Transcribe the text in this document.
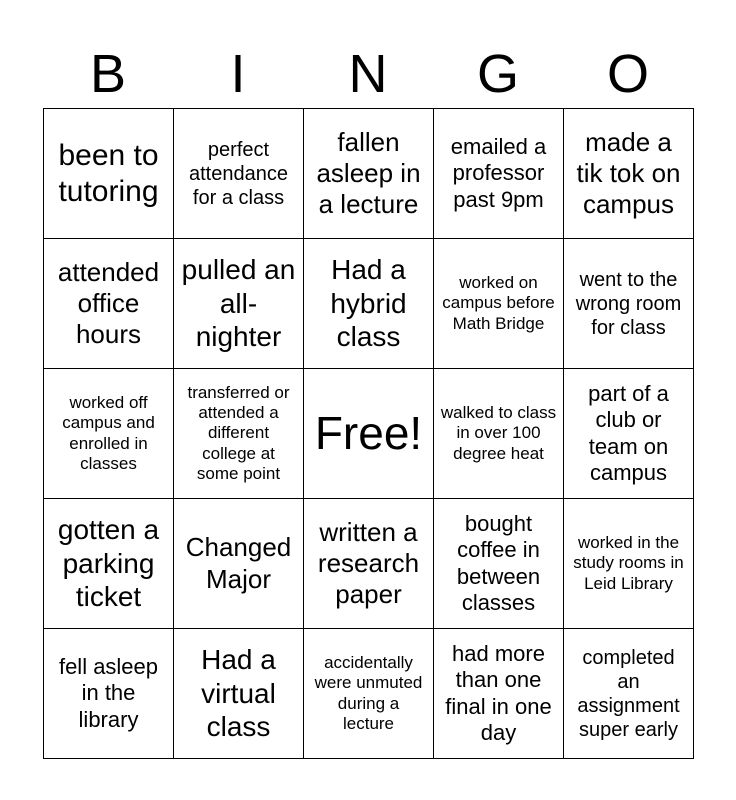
B	I	N	G	O
been to tutoring	perfect attendance for a class	fallen asleep in a lecture	emailed a professor past 9pm	made a tik tok on campus
attended office hours	pulled an all-nighter	Had a hybrid class	worked on campus before Math Bridge	went to the wrong room for class
worked off campus and enrolled in classes	transferred or attended a different college at some point	Free!	walked to class in over 100 degree heat	part of a club or team on campus
gotten a parking ticket	Changed Major	written a research paper	bought coffee in between classes	worked in the study rooms in Leid Library
fell asleep in the library	Had a virtual class	accidentally were unmuted during a lecture	had more than one final in one day	completed an assignment super early
